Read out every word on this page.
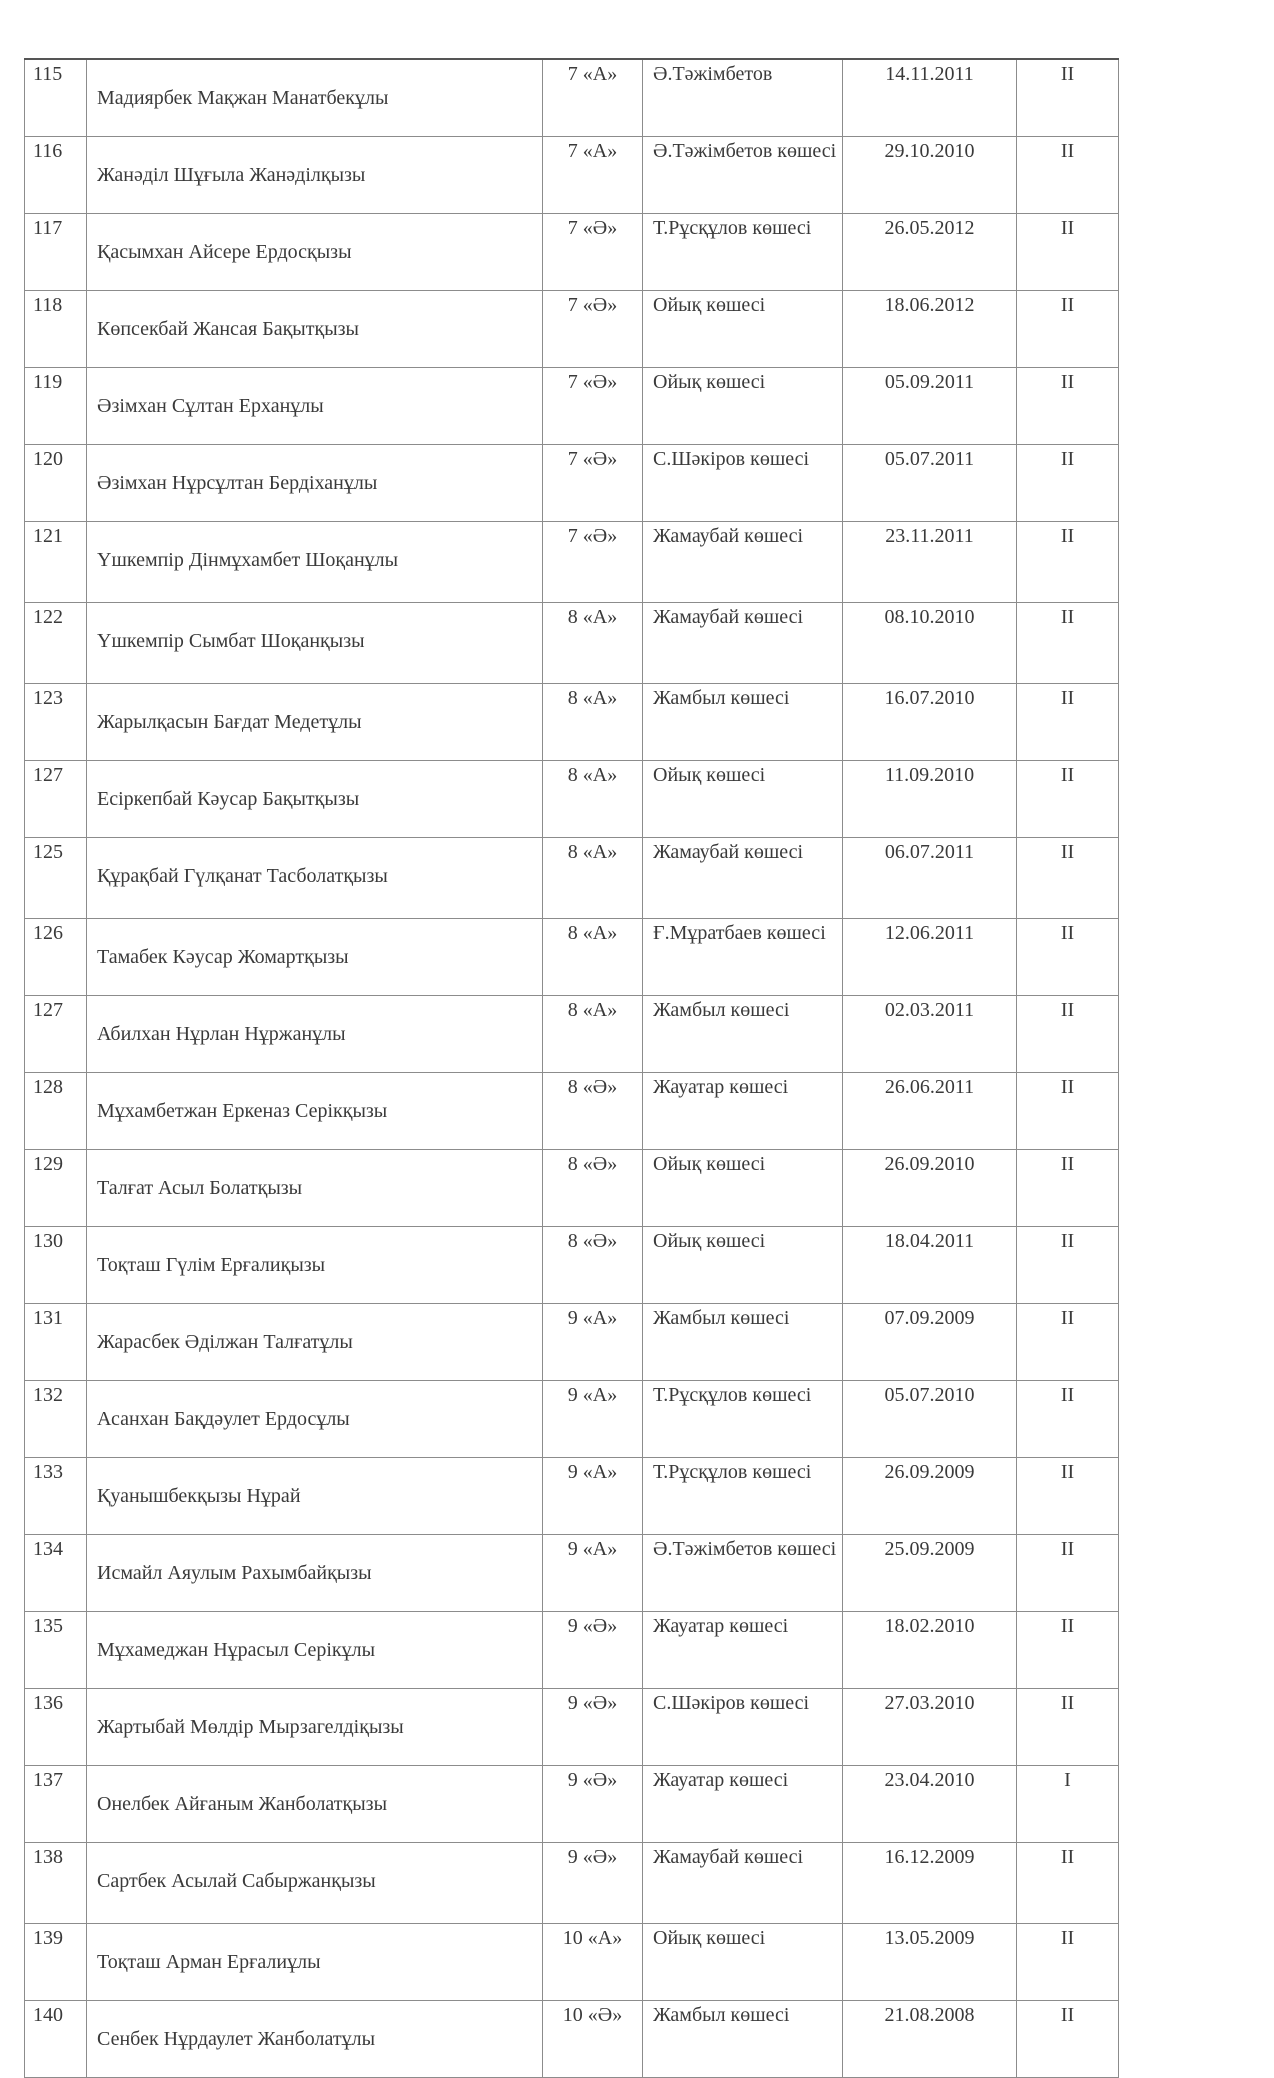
115	Мадиярбек Мақжан Манатбекұлы	7 «А»	Ә.Тәжімбетов	14.11.2011	II
116	Жанәділ Шұғыла Жанәділқызы	7 «А»	Ә.Тәжімбетов көшесі	29.10.2010	II
117	Қасымхан Айсере Ердосқызы	7 «Ә»	Т.Рұсқұлов көшесі	26.05.2012	II
118	Көпсекбай Жансая Бақытқызы	7 «Ә»	Ойық көшесі	18.06.2012	II
119	Әзімхан Сұлтан Ерханұлы	7 «Ә»	Ойық көшесі	05.09.2011	II
120	Әзімхан Нұрсұлтан Бердіханұлы	7 «Ә»	С.Шәкіров көшесі	05.07.2011	II
121	Үшкемпір Дінмұхамбет Шоқанұлы	7 «Ә»	Жамаубай көшесі	23.11.2011	II
122	Үшкемпір Сымбат Шоқанқызы	8 «А»	Жамаубай көшесі	08.10.2010	II
123	Жарылқасын Бағдат Медетұлы	8 «А»	Жамбыл көшесі	16.07.2010	II
127	Есіркепбай Кәусар Бақытқызы	8 «А»	Ойық көшесі	11.09.2010	II
125	Құрақбай Гүлқанат Тасболатқызы	8 «А»	Жамаубай көшесі	06.07.2011	II
126	Тамабек Кәусар Жомартқызы	8 «А»	Ғ.Мұратбаев көшесі	12.06.2011	II
127	Абилхан Нұрлан Нұржанұлы	8 «А»	Жамбыл көшесі	02.03.2011	II
128	Мұхамбетжан Еркеназ Серікқызы	8 «Ә»	Жауатар көшесі	26.06.2011	II
129	Талғат Асыл Болатқызы	8 «Ә»	Ойық көшесі	26.09.2010	II
130	Тоқташ Гүлім Ерғалиқызы	8 «Ә»	Ойық көшесі	18.04.2011	II
131	Жарасбек Әділжан Талғатұлы	9 «А»	Жамбыл көшесі	07.09.2009	II
132	Асанхан Бақдәулет Ердосұлы	9 «А»	Т.Рұсқұлов көшесі	05.07.2010	II
133	Қуанышбекқызы Нұрай	9 «А»	Т.Рұсқұлов көшесі	26.09.2009	II
134	Исмайл Аяулым Рахымбайқызы	9 «А»	Ә.Тәжімбетов көшесі	25.09.2009	II
135	Мұхамеджан Нұрасыл Серікұлы	9 «Ә»	Жауатар көшесі	18.02.2010	II
136	Жартыбай Мөлдір Мырзагелдіқызы	9 «Ә»	С.Шәкіров көшесі	27.03.2010	II
137	Онелбек Айғаным Жанболатқызы	9 «Ә»	Жауатар көшесі	23.04.2010	I
138	Сартбек Асылай Сабыржанқызы	9 «Ә»	Жамаубай көшесі	16.12.2009	II
139	Тоқташ Арман Ерғалиұлы	10 «А»	Ойық көшесі	13.05.2009	II
140	Сенбек Нұрдаулет Жанболатұлы	10 «Ә»	Жамбыл көшесі	21.08.2008	II
